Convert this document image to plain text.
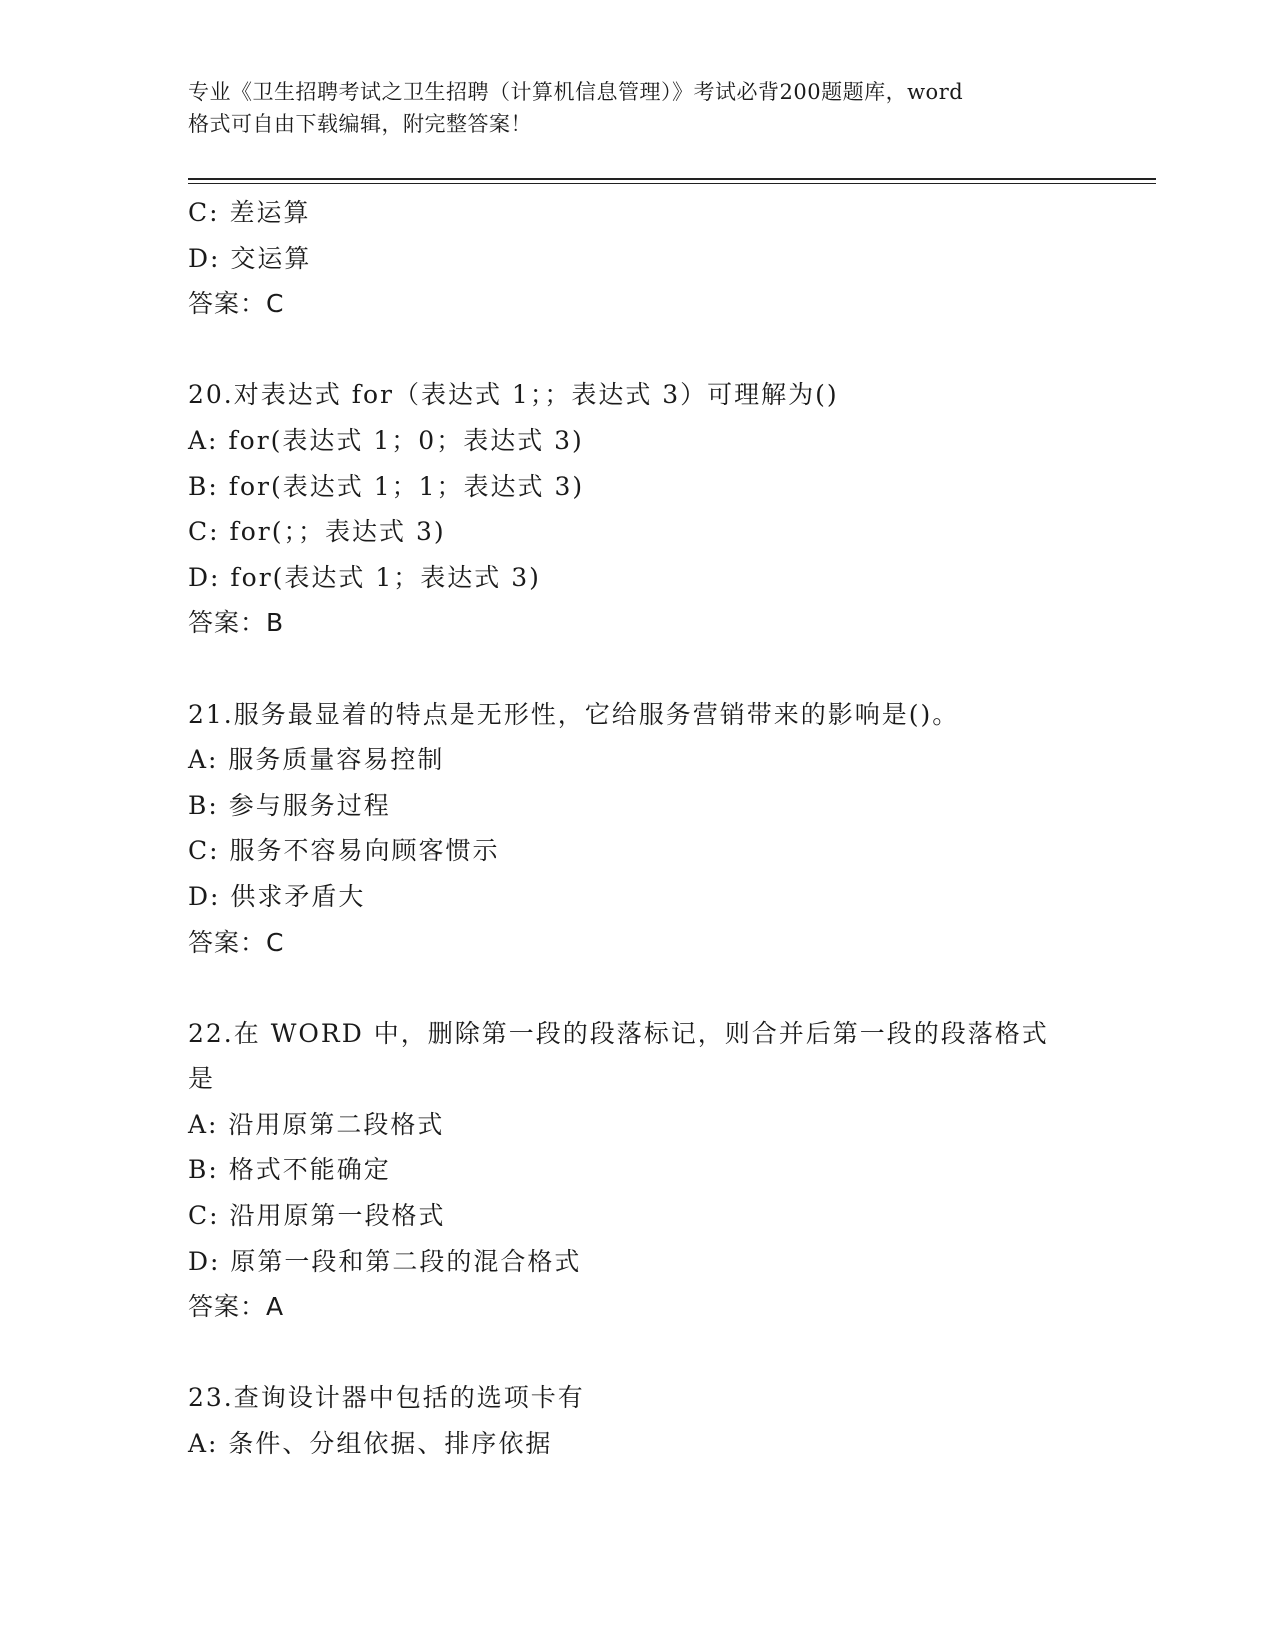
专业《卫生招聘考试之卫生招聘（计算机信息管理）》考试必背200题题库，word
格式可自由下载编辑，附完整答案！
C: 差运算
D: 交运算
答案：C
20.对表达式 for（表达式 1；；表达式 3）可理解为()
A: for(表达式 1；0；表达式 3)
B: for(表达式 1；1；表达式 3)
C: for(；；表达式 3)
D: for(表达式 1；表达式 3)
答案：B
21.服务最显着的特点是无形性，它给服务营销带来的影响是()。
A: 服务质量容易控制
B: 参与服务过程
C: 服务不容易向顾客惯示
D: 供求矛盾大
答案：C
22.在 WORD 中，删除第一段的段落标记，则合并后第一段的段落格式
是
A: 沿用原第二段格式
B: 格式不能确定
C: 沿用原第一段格式
D: 原第一段和第二段的混合格式
答案：A
23.查询设计器中包括的选项卡有
A: 条件、分组依据、排序依据
